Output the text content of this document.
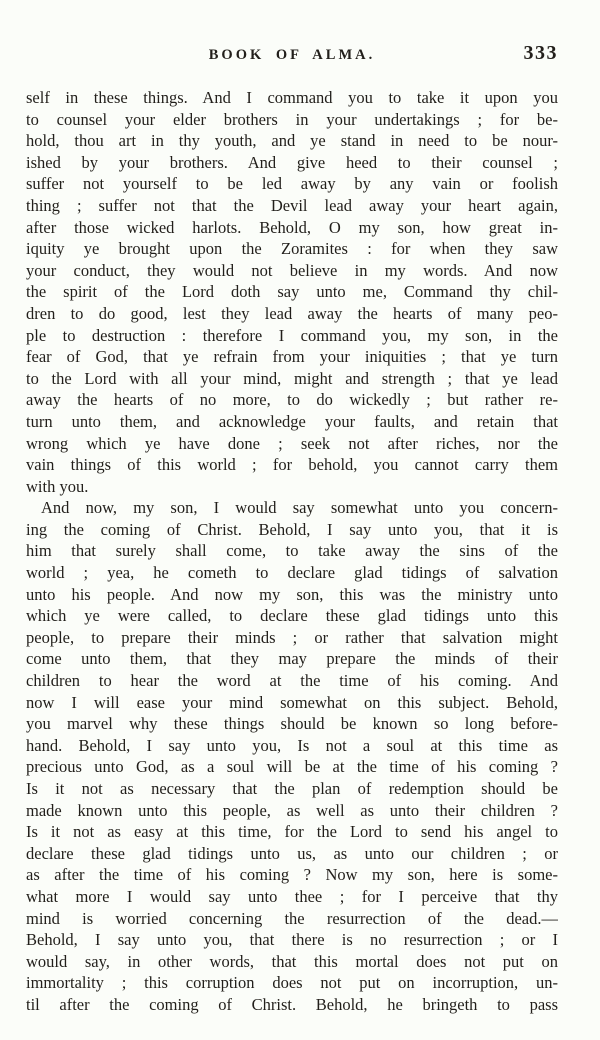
BOOK OF ALMA.	333
self in these things. And I command you to take it upon you
to counsel your elder brothers in your undertakings ; for be-
hold, thou art in thy youth, and ye stand in need to be nour-
ished by your brothers. And give heed to their counsel ;
suffer not yourself to be led away by any vain or foolish
thing ; suffer not that the Devil lead away your heart again,
after those wicked harlots. Behold, O my son, how great in-
iquity ye brought upon the Zoramites : for when they saw
your conduct, they would not believe in my words. And now
the spirit of the Lord doth say unto me, Command thy chil-
dren to do good, lest they lead away the hearts of many peo-
ple to destruction : therefore I command you, my son, in the
fear of God, that ye refrain from your iniquities ; that ye turn
to the Lord with all your mind, might and strength ; that ye lead
away the hearts of no more, to do wickedly ; but rather re-
turn unto them, and acknowledge your faults, and retain that
wrong which ye have done ; seek not after riches, nor the
vain things of this world ; for behold, you cannot carry them
with you.
And now, my son, I would say somewhat unto you concern-
ing the coming of Christ. Behold, I say unto you, that it is
him that surely shall come, to take away the sins of the
world ; yea, he cometh to declare glad tidings of salvation
unto his people. And now my son, this was the ministry unto
which ye were called, to declare these glad tidings unto this
people, to prepare their minds ; or rather that salvation might
come unto them, that they may prepare the minds of their
children to hear the word at the time of his coming. And
now I will ease your mind somewhat on this subject. Behold,
you marvel why these things should be known so long before-
hand. Behold, I say unto you, Is not a soul at this time as
precious unto God, as a soul will be at the time of his coming ?
Is it not as necessary that the plan of redemption should be
made known unto this people, as well as unto their children ?
Is it not as easy at this time, for the Lord to send his angel to
declare these glad tidings unto us, as unto our children ; or
as after the time of his coming ? Now my son, here is some-
what more I would say unto thee ; for I perceive that thy
mind is worried concerning the resurrection of the dead.—
Behold, I say unto you, that there is no resurrection ; or I
would say, in other words, that this mortal does not put on
immortality ; this corruption does not put on incorruption, un-
til after the coming of Christ. Behold, he bringeth to pass
